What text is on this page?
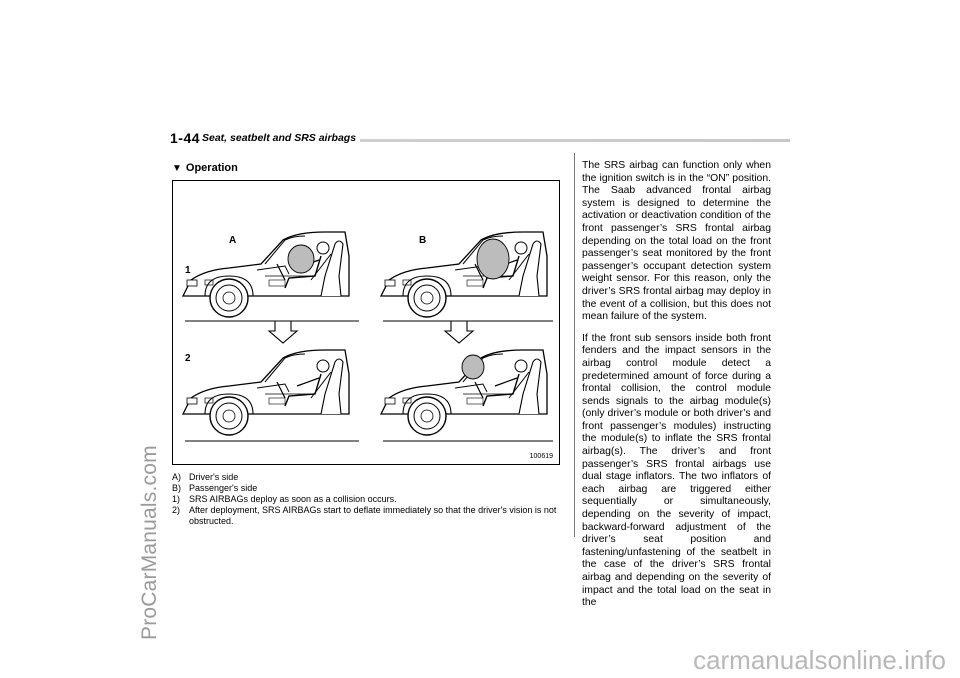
ProCarManuals.com
carmanualsonline.info
1-44 Seat, seatbelt and SRS airbags
▼ Operation
A	B
1
2
100619
A) Driver's side
B) Passenger's side
1) SRS AIRBAGs deploy as soon as a collision occurs.
2) After deployment, SRS AIRBAGs start to deflate immediately so that the driver's vision is not obstructed.

The SRS airbag can function only when the ignition switch is in the “ON” position. The Saab advanced frontal airbag system is designed to determine the activation or deactivation condition of the front passenger’s SRS frontal airbag depending on the total load on the front passenger’s seat monitored by the front passenger’s occupant detection system weight sensor. For this reason, only the driver’s SRS frontal airbag may deploy in the event of a collision, but this does not mean failure of the system.

If the front sub sensors inside both front fenders and the impact sensors in the airbag control module detect a predetermined amount of force during a frontal collision, the control module sends signals to the airbag module(s) (only driver’s module or both driver’s and front passenger’s modules) instructing the module(s) to inflate the SRS frontal airbag(s). The driver’s and front passenger’s SRS frontal airbags use dual stage inflators. The two inflators of each airbag are triggered either sequentially or simultaneously, depending on the severity of impact, backward-forward adjustment of the driver’s seat position and fastening/unfastening of the seatbelt in the case of the driver’s SRS frontal airbag and depending on the severity of impact and the total load on the seat in the
